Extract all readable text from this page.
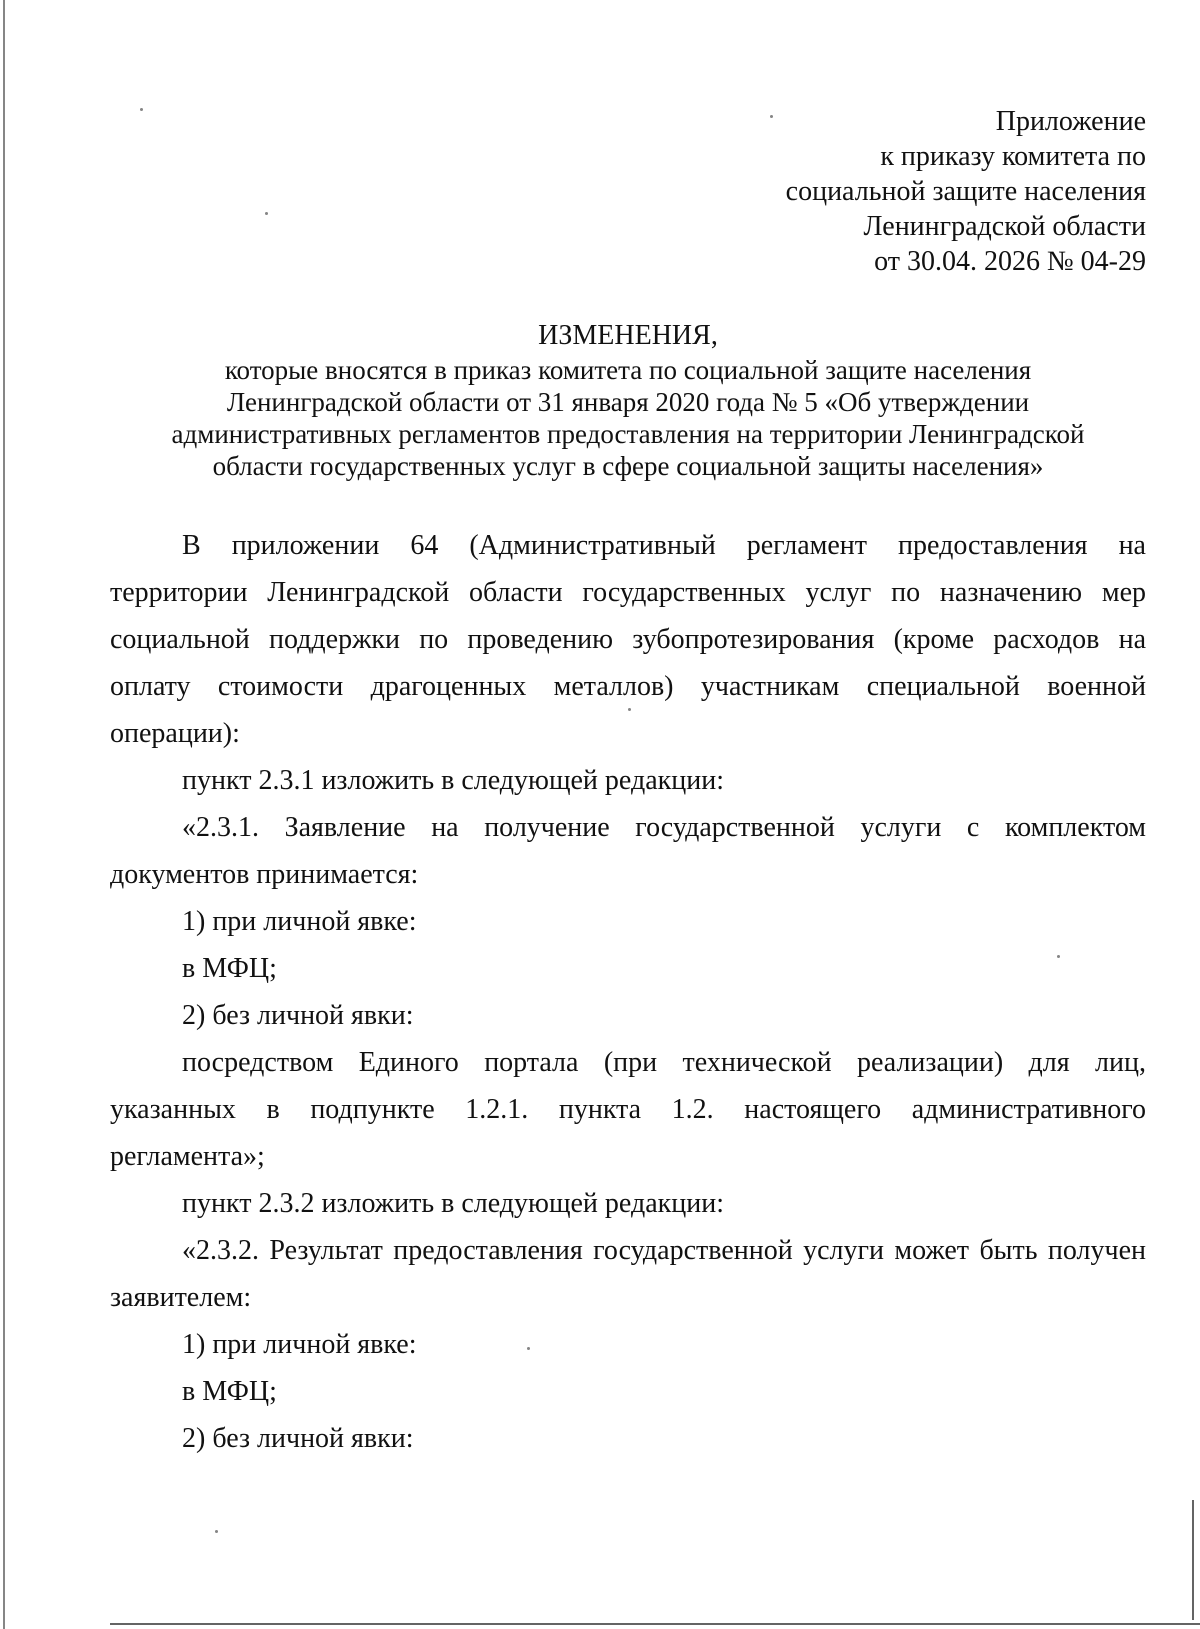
Приложение
к приказу комитета по
социальной защите населения
Ленинградской области
от 30.04. 2026 № 04-29
ИЗМЕНЕНИЯ,
которые вносятся в приказ комитета по социальной защите населения
Ленинградской области от 31 января 2020 года № 5 «Об утверждении
административных регламентов предоставления на территории Ленинградской
области государственных услуг в сфере социальной защиты населения»
В приложении 64 (Административный регламент предоставления на
территории Ленинградской области государственных услуг по назначению мер
социальной поддержки по проведению зубопротезирования (кроме расходов на
оплату стоимости драгоценных металлов) участникам специальной военной
операции):
пункт 2.3.1 изложить в следующей редакции:
«2.3.1. Заявление на получение государственной услуги с комплектом
документов принимается:
1) при личной явке:
в МФЦ;
2) без личной явки:
посредством Единого портала (при технической реализации) для лиц,
указанных в подпункте 1.2.1. пункта 1.2. настоящего административного
регламента»;
пункт 2.3.2 изложить в следующей редакции:
«2.3.2. Результат предоставления государственной услуги может быть получен
заявителем:
1) при личной явке:
в МФЦ;
2) без личной явки:
